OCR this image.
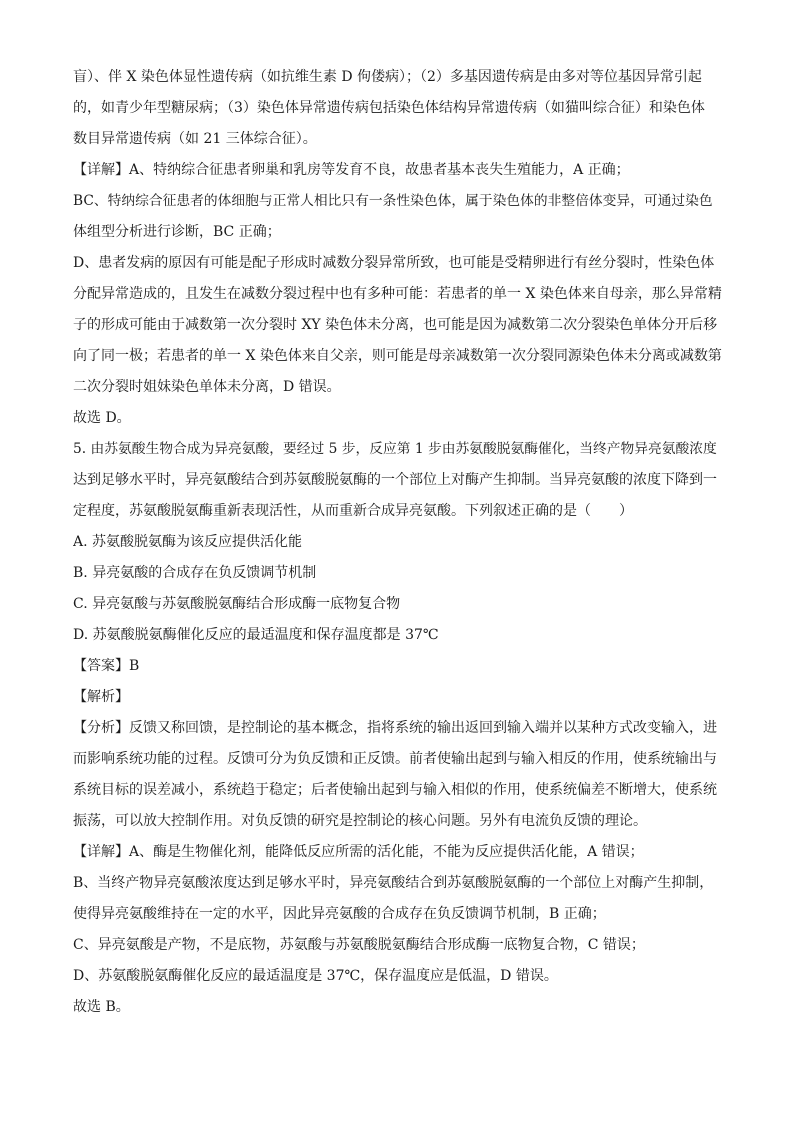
盲）、伴 X 染色体显性遗传病（如抗维生素 D 佝偻病）；（2）多基因遗传病是由多对等位基因异常引起
的，如青少年型糖尿病；（3）染色体异常遗传病包括染色体结构异常遗传病（如猫叫综合征）和染色体
数目异常遗传病（如 21 三体综合征）。
【详解】A、特纳综合征患者卵巢和乳房等发育不良，故患者基本丧失生殖能力，A 正确；
BC、特纳综合征患者的体细胞与正常人相比只有一条性染色体，属于染色体的非整倍体变异，可通过染色
体组型分析进行诊断，BC 正确；
D、患者发病的原因有可能是配子形成时减数分裂异常所致，也可能是受精卵进行有丝分裂时，性染色体
分配异常造成的，且发生在减数分裂过程中也有多种可能：若患者的单一 X 染色体来自母亲，那么异常精
子的形成可能由于减数第一次分裂时 XY 染色体未分离，也可能是因为减数第二次分裂染色单体分开后移
向了同一极；若患者的单一 X 染色体来自父亲，则可能是母亲减数第一次分裂同源染色体未分离或减数第
二次分裂时姐妹染色单体未分离，D 错误。
故选 D。
5. 由苏氨酸生物合成为异亮氨酸，要经过 5 步，反应第 1 步由苏氨酸脱氨酶催化，当终产物异亮氨酸浓度
达到足够水平时，异亮氨酸结合到苏氨酸脱氨酶的一个部位上对酶产生抑制。当异亮氨酸的浓度下降到一
定程度，苏氨酸脱氨酶重新表现活性，从而重新合成异亮氨酸。下列叙述正确的是（　　）
A. 苏氨酸脱氨酶为该反应提供活化能
B. 异亮氨酸的合成存在负反馈调节机制
C. 异亮氨酸与苏氨酸脱氨酶结合形成酶一底物复合物
D. 苏氨酸脱氨酶催化反应的最适温度和保存温度都是 37℃
【答案】B
【解析】
【分析】反馈又称回馈，是控制论的基本概念，指将系统的输出返回到输入端并以某种方式改变输入，进
而影响系统功能的过程。反馈可分为负反馈和正反馈。前者使输出起到与输入相反的作用，使系统输出与
系统目标的误差减小，系统趋于稳定；后者使输出起到与输入相似的作用，使系统偏差不断增大，使系统
振荡，可以放大控制作用。对负反馈的研究是控制论的核心问题。另外有电流负反馈的理论。
【详解】A、酶是生物催化剂，能降低反应所需的活化能，不能为反应提供活化能，A 错误；
B、当终产物异亮氨酸浓度达到足够水平时，异亮氨酸结合到苏氨酸脱氨酶的一个部位上对酶产生抑制，
使得异亮氨酸维持在一定的水平，因此异亮氨酸的合成存在负反馈调节机制，B 正确；
C、异亮氨酸是产物，不是底物，苏氨酸与苏氨酸脱氨酶结合形成酶一底物复合物，C 错误；
D、苏氨酸脱氨酶催化反应的最适温度是 37℃，保存温度应是低温，D 错误。
故选 B。
